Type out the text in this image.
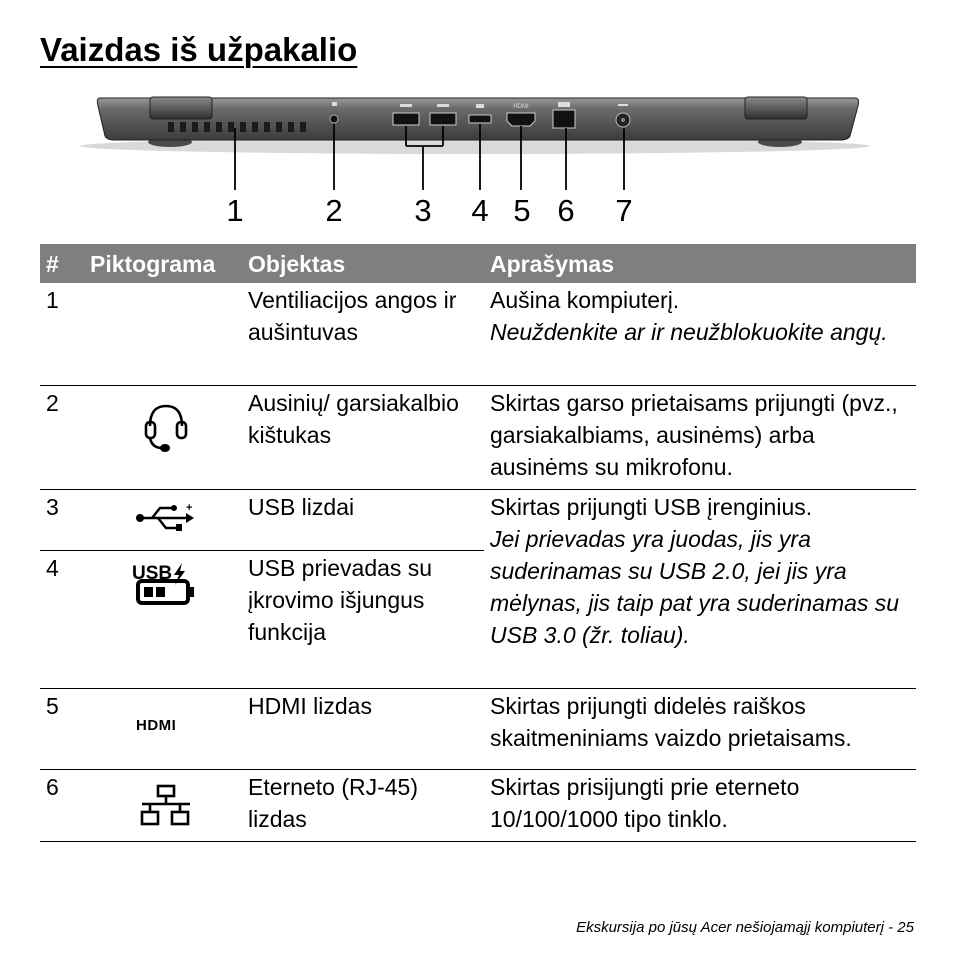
Vaizdas iš užpakalio
HDMI
1	2	3	4 5 6	7
#	Piktograma	Objektas	Aprašymas
1		Ventiliacijos angos ir aušintuvas	Aušina kompiuterį.
Neuždenkite ar ir neužblokuokite angų.

2		Ausinių/ garsiakalbio kištukas	Skirtas garso prietaisams prijungti (pvz., garsiakalbiams, ausinėms) arba ausinėms su mikrofonu.
3	+	USB lizdai	Skirtas prijungti USB įrenginius.
Jei prievadas yra juodas, jis yra suderinamas su USB 2.0, jei jis yra mėlynas, jis taip pat yra suderinamas su USB 3.0 (žr. toliau).

4	USB	USB prievadas su įkrovimo išjungus funkcija	
5	HDMI	HDMI lizdas	Skirtas prijungti didelės raiškos skaitmeniniams vaizdo prietaisams.
6		Eterneto (RJ-45) lizdas	Skirtas prisijungti prie eterneto 10/100/1000 tipo tinklo.
Ekskursija po jūsų Acer nešiojamąjį kompiuterį - 25
